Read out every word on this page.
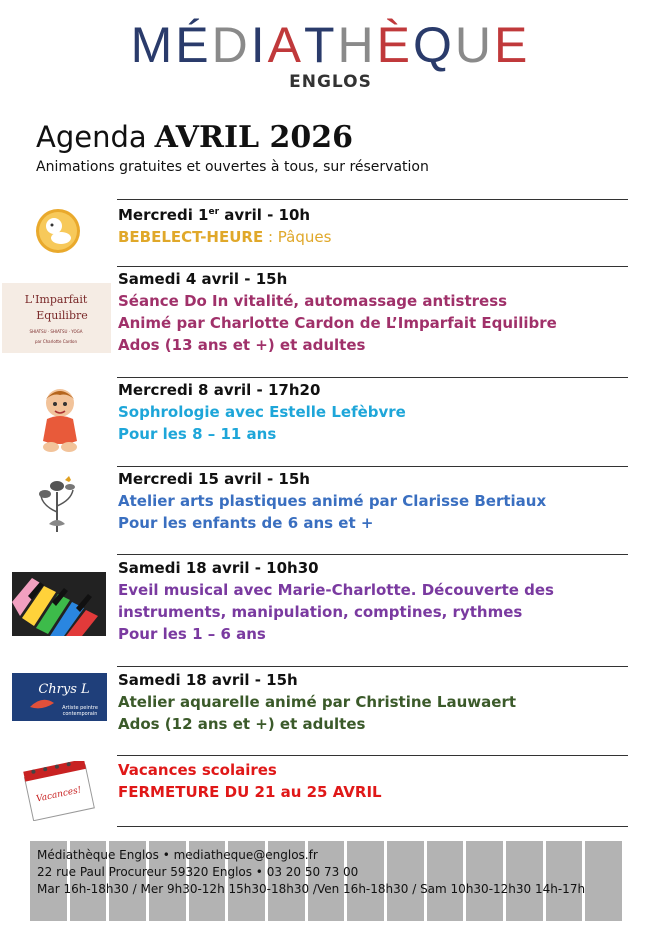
MÉDIATHÈQUE
ENGLOS
Agenda AVRIL 2026
Animations gratuites et ouvertes à tous, sur réservation
Mercredi 1er avril - 10h
BEBELECT-HEURE : Pâques
L'Imparfait
Equilibre
SHIATSU · SHIATSU · YOGA
par Charlotte Cardon
Samedi 4 avril - 15h
Séance Do In vitalité, automassage antistress
Animé par Charlotte Cardon de L’Imparfait Equilibre
Ados (13 ans et +) et adultes
Mercredi 8 avril - 17h20
Sophrologie avec Estelle Lefèbvre
Pour les 8 – 11 ans
Mercredi 15 avril - 15h
Atelier arts plastiques animé par Clarisse Bertiaux
Pour les enfants de 6 ans et +
Samedi 18 avril - 10h30
Eveil musical avec Marie-Charlotte. Découverte des
instruments, manipulation, comptines, rythmes
Pour les 1 – 6 ans
Chrys L
Artiste peintre
contemporain
Samedi 18 avril - 15h
Atelier aquarelle animé par Christine Lauwaert
Ados (12 ans et +) et adultes
Vacances!
Vacances scolaires
FERMETURE DU 21 au 25 AVRIL
Médiathèque Englos • mediatheque@englos.fr
22 rue Paul Procureur 59320 Englos • 03 20 50 73 00
Mar 16h-18h30 / Mer 9h30-12h 15h30-18h30 /Ven 16h-18h30 / Sam 10h30-12h30 14h-17h
